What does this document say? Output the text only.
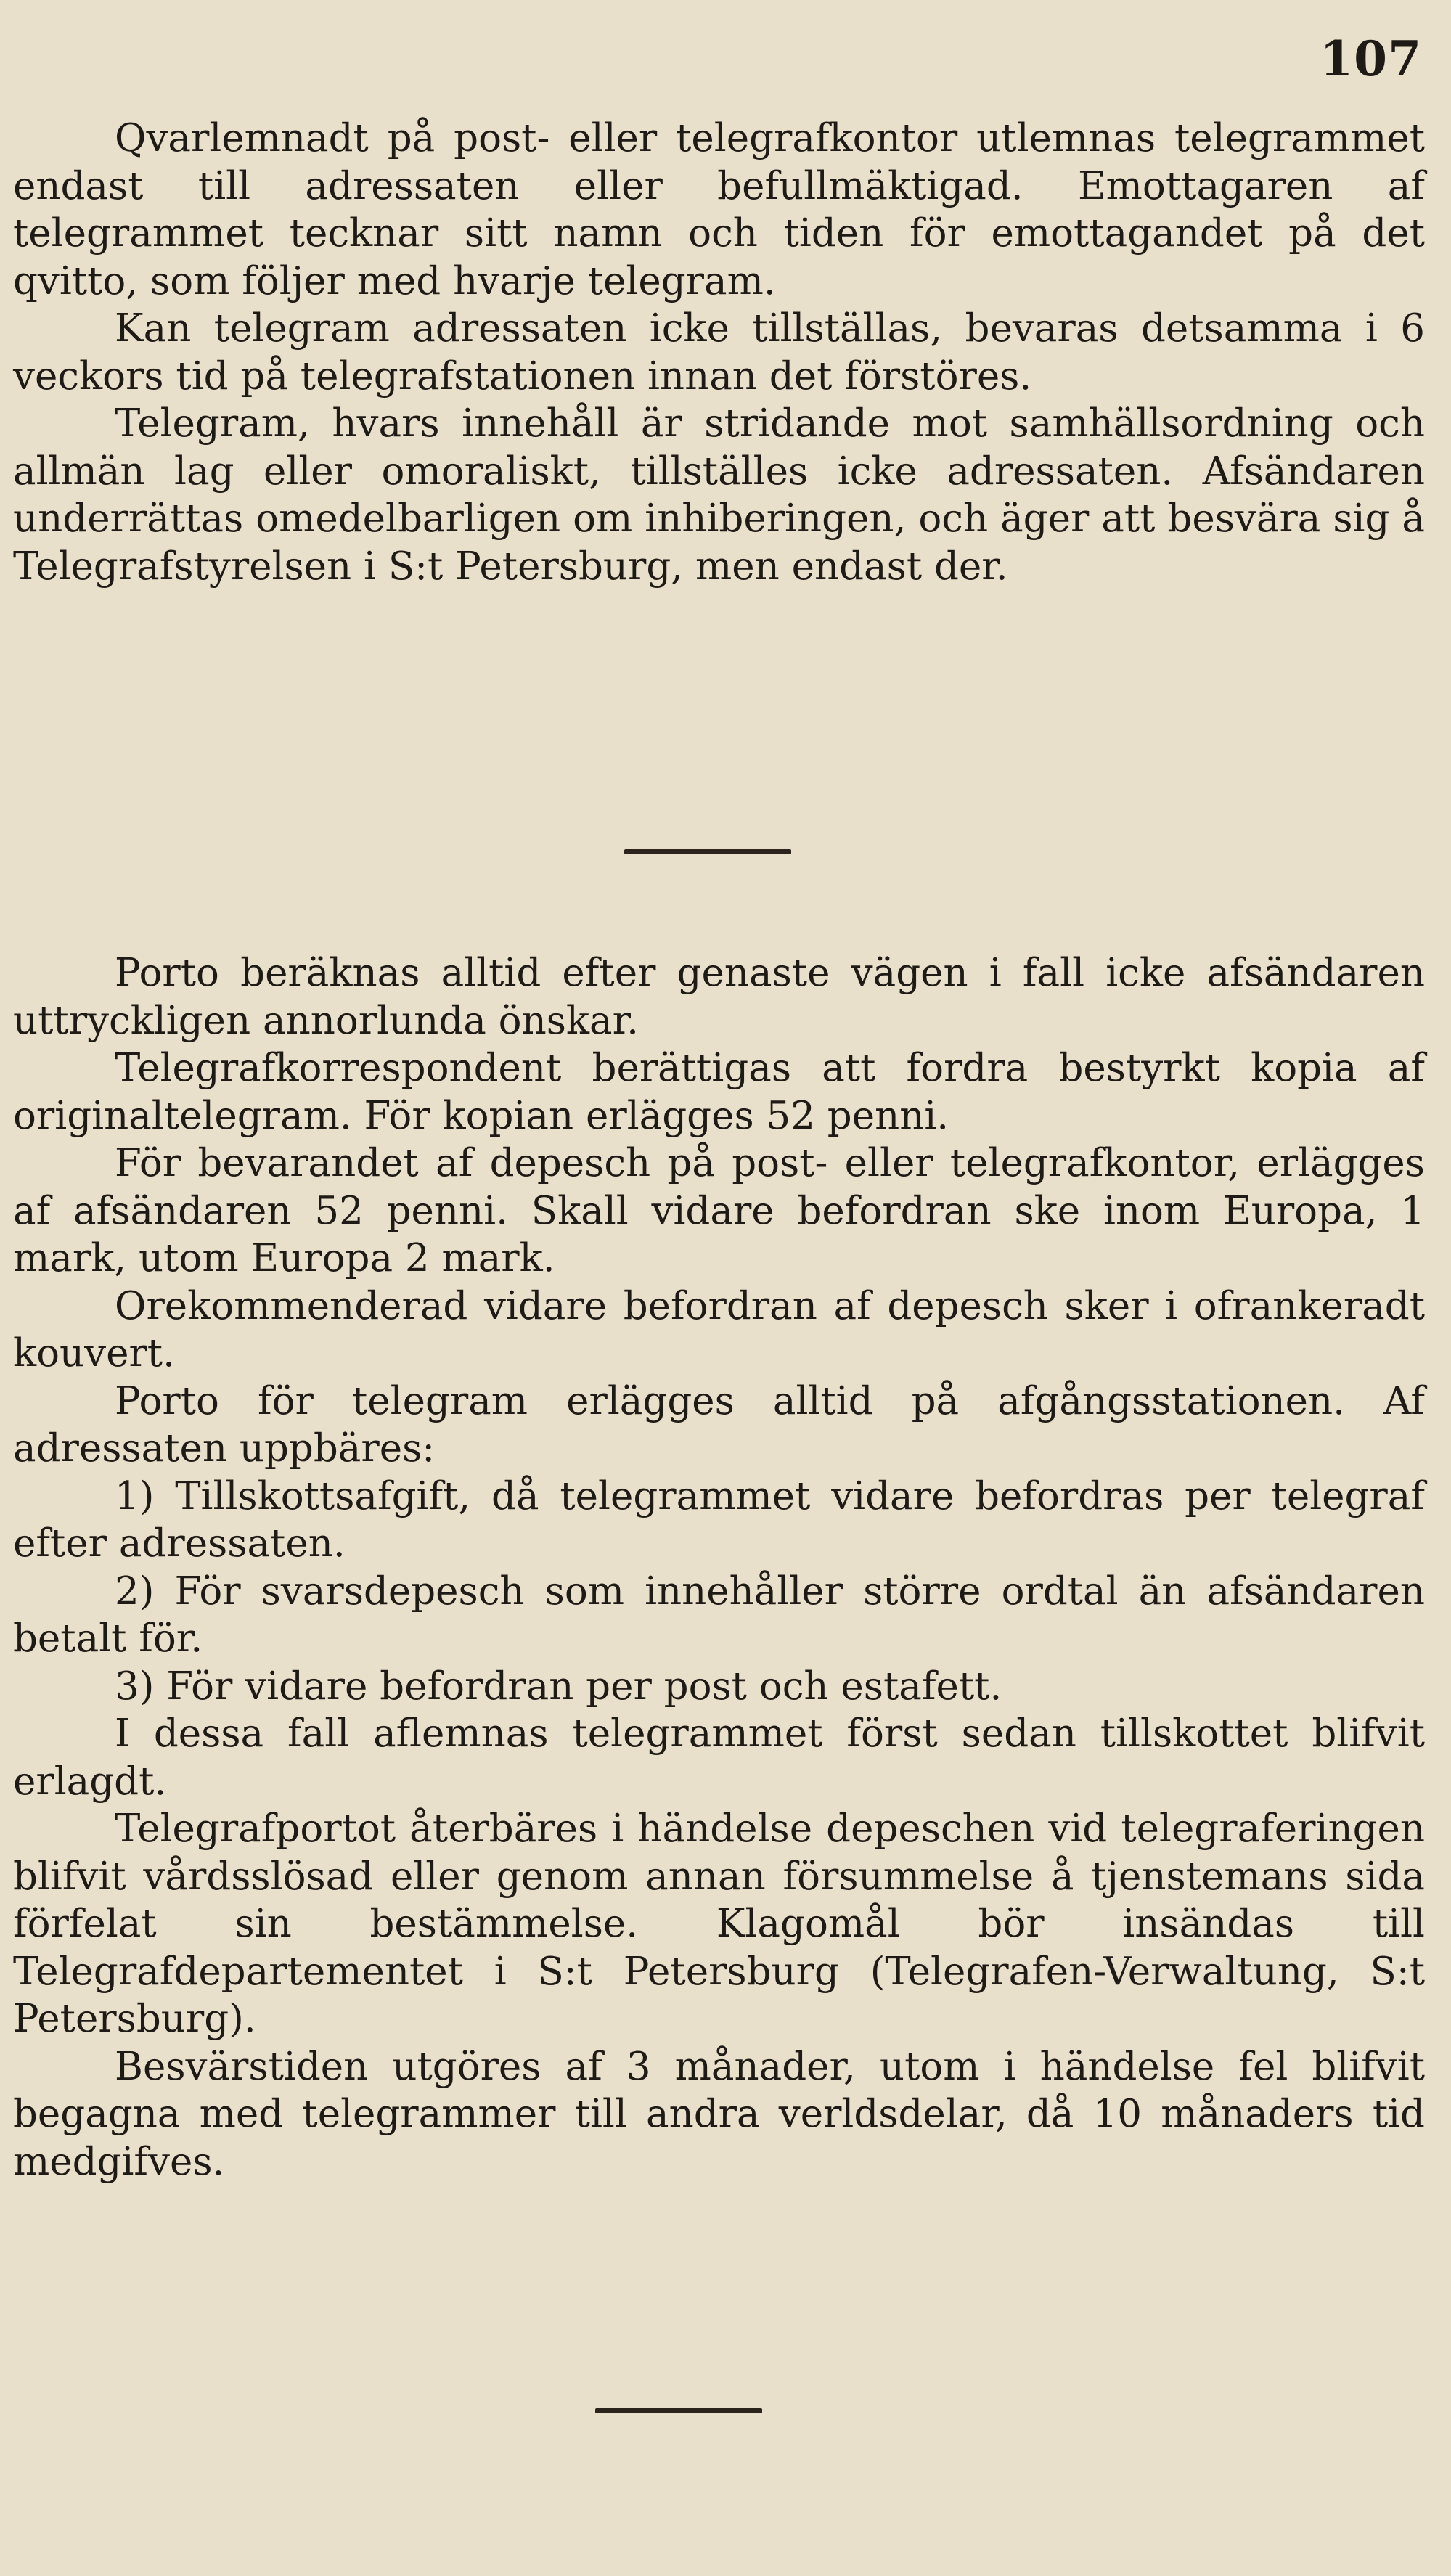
107

Qvarlemnadt på post- eller telegrafkontor utlemnas telegrammet endast till adressaten eller befullmäktigad. Emottagaren af telegrammet tecknar sitt namn och tiden för emottagandet på det qvitto, som följer med hvarje telegram.

Kan telegram adressaten icke tillställas, bevaras detsamma i 6 veckors tid på telegrafstationen innan det förstöres.

Telegram, hvars innehåll är stridande mot samhällsordning och allmän lag eller omoraliskt, tillställes icke adressaten. Afsändaren underrättas omedelbarligen om inhiberingen, och äger att besvära sig å Telegrafstyrelsen i S:t Petersburg, men endast der.

Porto beräknas alltid efter genaste vägen i fall icke afsändaren uttryckligen annorlunda önskar.

Telegrafkorrespondent berättigas att fordra bestyrkt kopia af originaltelegram. För kopian erlägges 52 penni.

För bevarandet af depesch på post- eller telegrafkontor, erlägges af afsändaren 52 penni. Skall vidare befordran ske inom Europa, 1 mark, utom Europa 2 mark.

Orekommenderad vidare befordran af depesch sker i ofrankeradt kouvert.

Porto för telegram erlägges alltid på afgångsstationen. Af adressaten uppbäres:

1) Tillskottsafgift, då telegrammet vidare befordras per telegraf efter adressaten.

2) För svarsdepesch som innehåller större ordtal än afsändaren betalt för.

3) För vidare befordran per post och estafett.

I dessa fall aflemnas telegrammet först sedan tillskottet blifvit erlagdt.

Telegrafportot återbäres i händelse depeschen vid telegraferingen blifvit vårdsslösad eller genom annan försummelse å tjenstemans sida förfelat sin bestämmelse. Klagomål bör insändas till Telegrafdepartementet i S:t Petersburg (Telegrafen-Verwaltung, S:t Petersburg).

Besvärstiden utgöres af 3 månader, utom i händelse fel blifvit begagna med telegrammer till andra verldsdelar, då 10 månaders tid medgifves.
